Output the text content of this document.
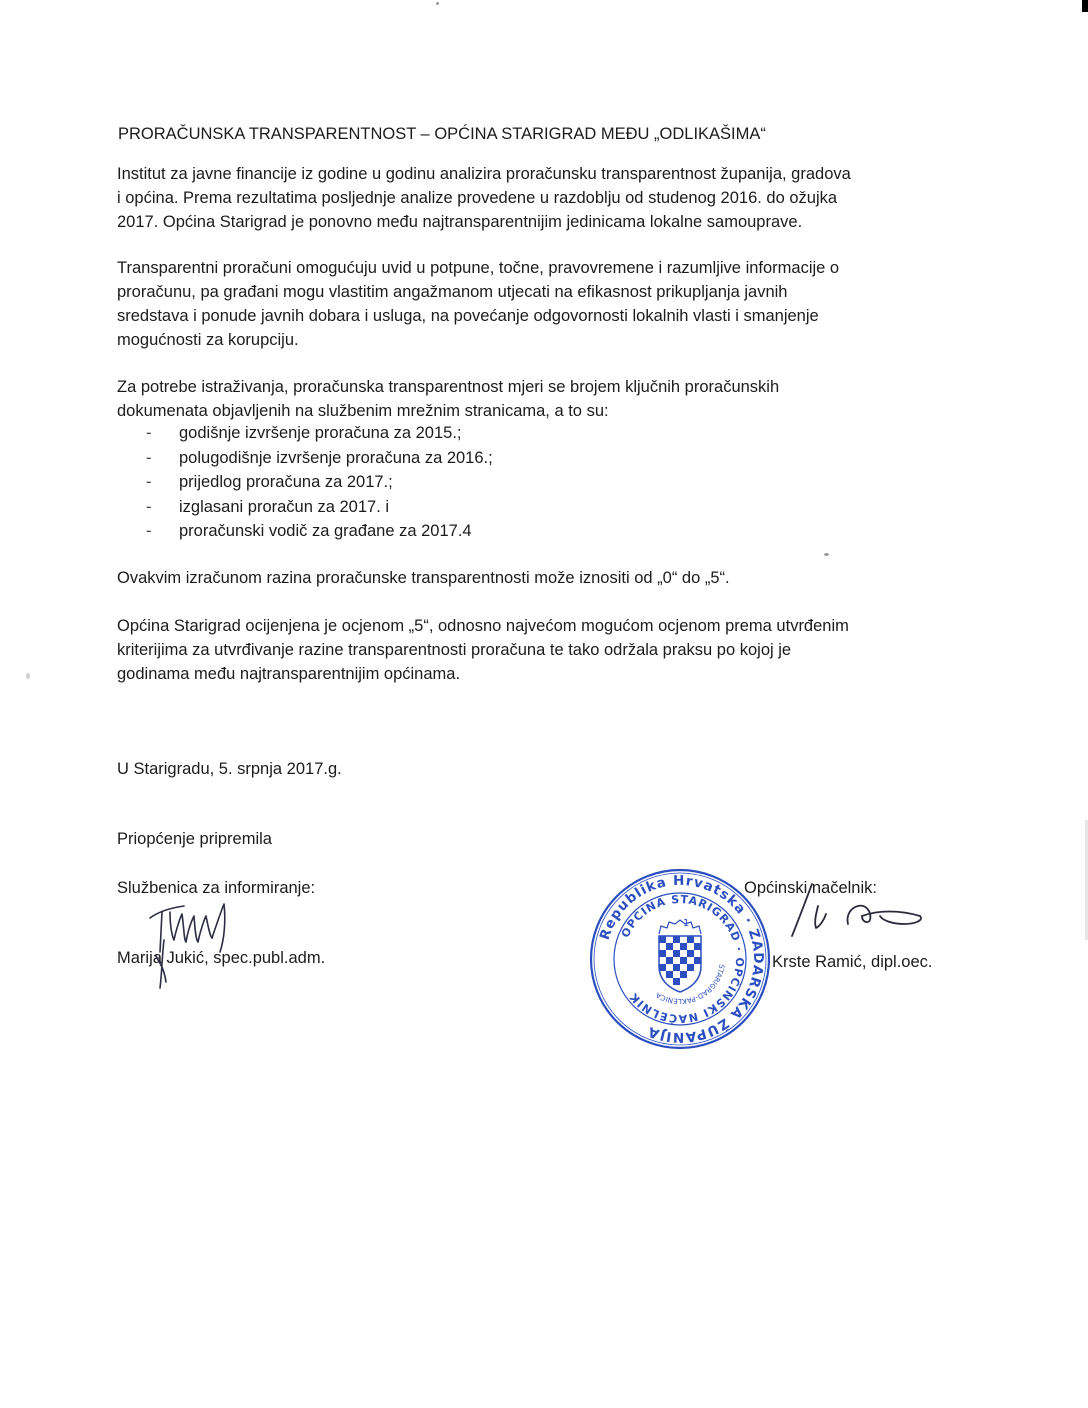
PRORAČUNSKA TRANSPARENTNOST – OPĆINA STARIGRAD MEĐU „ODLIKAŠIMA“
Institut za javne financije iz godine u godinu analizira proračunsku transparentnost županija, gradova
i općina. Prema rezultatima posljednje analize provedene u razdoblju od studenog 2016. do ožujka
2017. Općina Starigrad je ponovno među najtransparentnijim jedinicama lokalne samouprave.
Transparentni proračuni omogućuju uvid u potpune, točne, pravovremene i razumljive informacije o
proračunu, pa građani mogu vlastitim angažmanom utjecati na efikasnost prikupljanja javnih
sredstava i ponude javnih dobara i usluga, na povećanje odgovornosti lokalnih vlasti i smanjenje
mogućnosti za korupciju.
Za potrebe istraživanja, proračunska transparentnost mjeri se brojem ključnih proračunskih
dokumenata objavljenih na službenim mrežnim stranicama, a to su:
- godišnje izvršenje proračuna za 2015.;
- polugodišnje izvršenje proračuna za 2016.;
- prijedlog proračuna za 2017.;
- izglasani proračun za 2017. i
- proračunski vodič za građane za 2017.4
Ovakvim izračunom razina proračunske transparentnosti može iznositi od „0“ do „5“.
Općina Starigrad ocijenjena je ocjenom „5“, odnosno najvećom mogućom ocjenom prema utvrđenim
kriterijima za utvrđivanje razine transparentnosti proračuna te tako održala praksu po kojoj je
godinama među najtransparentnijim općinama.
U Starigradu, 5. srpnja 2017.g.
Priopćenje pripremila
Službenica za informiranje:
Marija Jukić, spec.publ.adm.
Općinski načelnik:
Krste Ramić, dipl.oec.
Republika Hrvatska · ZADARSKA ŽUPANIJA
OPĆINA STARIGRAD · OPĆINSKI NAČELNIK
STARIGRAD-PAKLENICA
1
